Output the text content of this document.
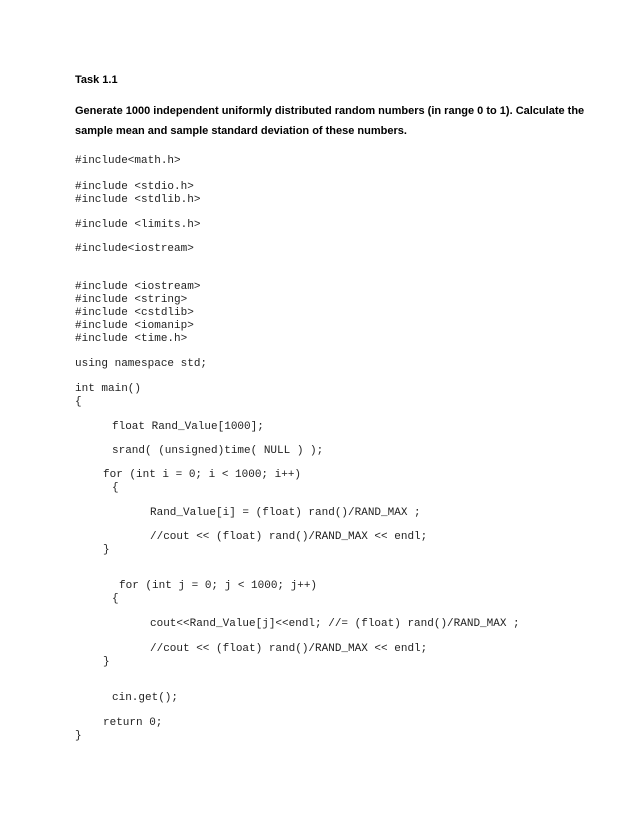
Task 1.1
Generate 1000 independent uniformly distributed random numbers (in range 0 to 1). Calculate the
sample mean and sample standard deviation of these numbers.
#include<math.h>
#include <stdio.h>
#include <stdlib.h>
#include <limits.h>
#include<iostream>
#include <iostream>
#include <string>
#include <cstdlib>
#include <iomanip>
#include <time.h>
using namespace std;
int main()
{
float Rand_Value[1000];
srand( (unsigned)time( NULL ) );
for (int i = 0; i < 1000; i++)
{
Rand_Value[i] = (float) rand()/RAND_MAX ;
//cout << (float) rand()/RAND_MAX << endl;
}
for (int j = 0; j < 1000; j++)
{
cout<<Rand_Value[j]<<endl; //= (float) rand()/RAND_MAX ;
//cout << (float) rand()/RAND_MAX << endl;
}
cin.get();
return 0;
}
